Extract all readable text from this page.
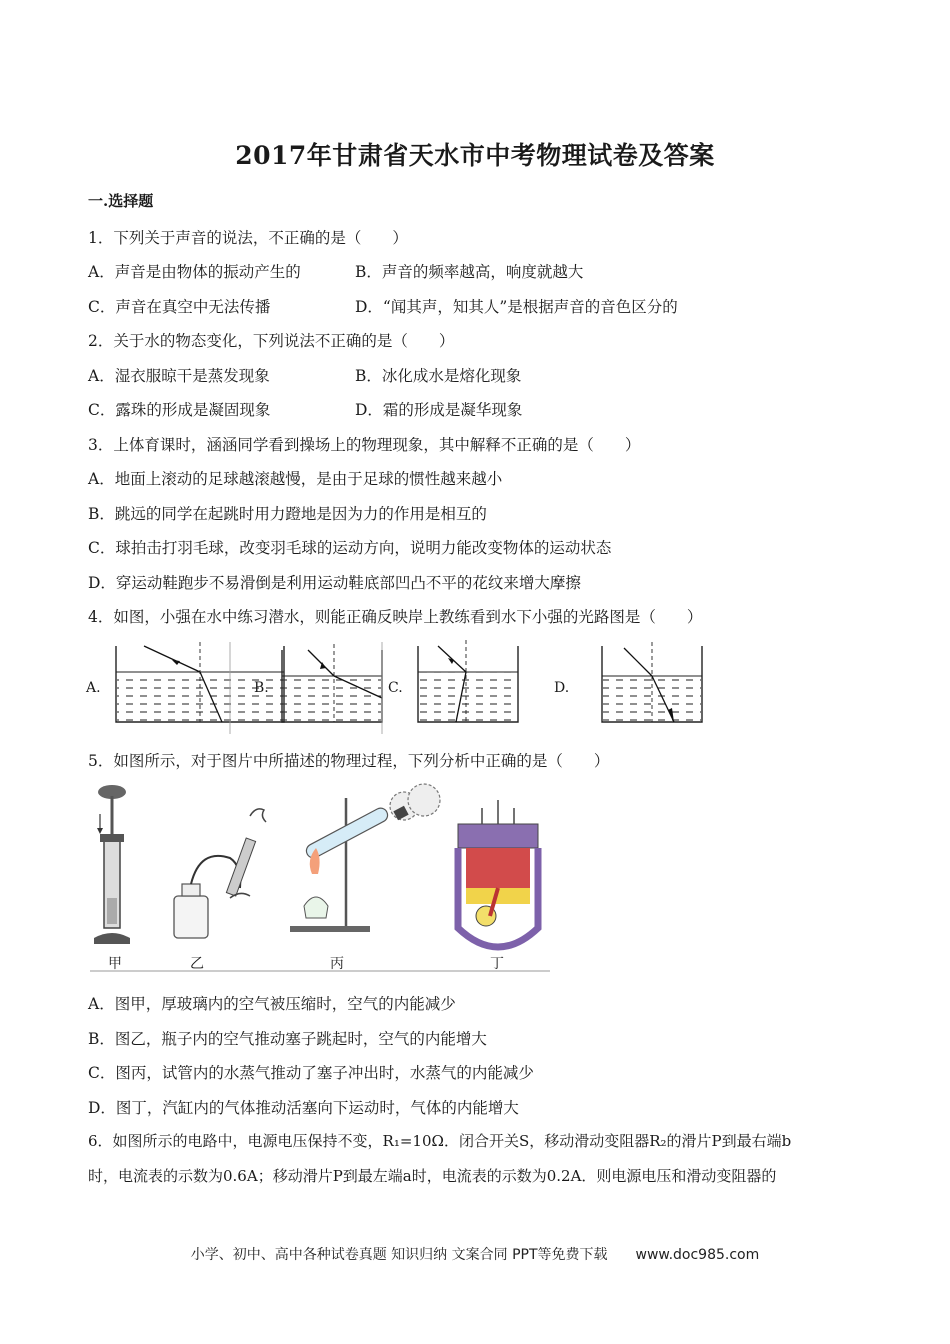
2017年甘肃省天水市中考物理试卷及答案
一.选择题
1．下列关于声音的说法，不正确的是（　　）
A．声音是由物体的振动产生的	B．声音的频率越高，响度就越大
C．声音在真空中无法传播	D．“闻其声，知其人”是根据声音的音色区分的
2．关于水的物态变化，下列说法不正确的是（　　）
A．湿衣服晾干是蒸发现象	B．冰化成水是熔化现象
C．露珠的形成是凝固现象	D．霜的形成是凝华现象
3．上体育课时，涵涵同学看到操场上的物理现象，其中解释不正确的是（　　）
A．地面上滚动的足球越滚越慢，是由于足球的惯性越来越小
B．跳远的同学在起跳时用力蹬地是因为力的作用是相互的
C．球拍击打羽毛球，改变羽毛球的运动方向，说明力能改变物体的运动状态
D．穿运动鞋跑步不易滑倒是利用运动鞋底部凹凸不平的花纹来增大摩擦
4．如图，小强在水中练习潜水，则能正确反映岸上教练看到水下小强的光路图是（　　）
A.	B.	C.	D.
5．如图所示，对于图片中所描述的物理过程，下列分析中正确的是（　　）
甲	乙	丙	丁
A．图甲，厚玻璃内的空气被压缩时，空气的内能减少
B．图乙，瓶子内的空气推动塞子跳起时，空气的内能增大
C．图丙，试管内的水蒸气推动了塞子冲出时，水蒸气的内能减少
D．图丁，汽缸内的气体推动活塞向下运动时，气体的内能增大
6．如图所示的电路中，电源电压保持不变，R₁=10Ω．闭合开关S，移动滑动变阻器R₂的滑片P到最右端b
时，电流表的示数为0.6A；移动滑片P到最左端a时，电流表的示数为0.2A．则电源电压和滑动变阻器的
小学、初中、高中各种试卷真题 知识归纳 文案合同 PPT等免费下载 www.doc985.com
